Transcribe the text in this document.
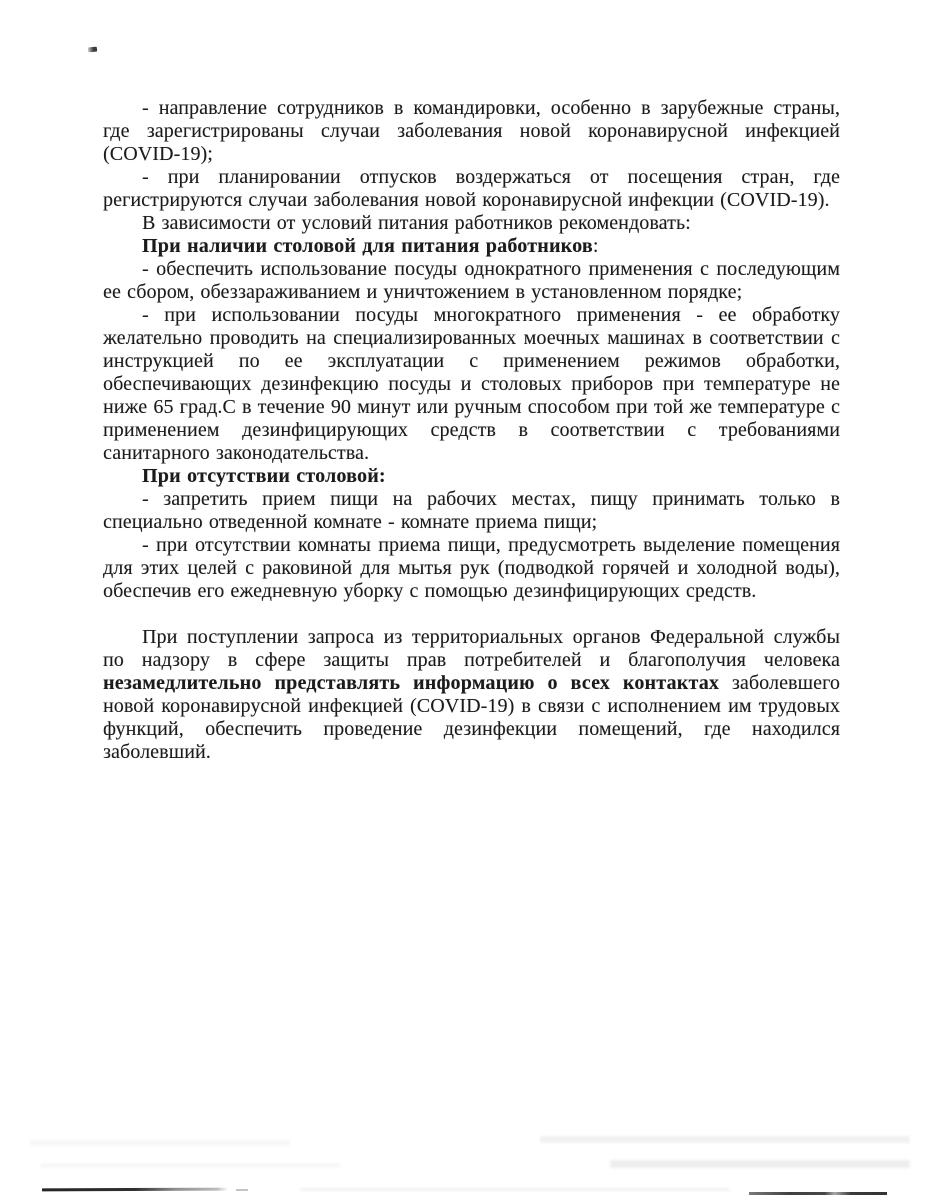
- направление сотрудников в командировки, особенно в зарубежные страны, где зарегистрированы случаи заболевания новой коронавирусной инфекцией (COVID-19);

- при планировании отпусков воздержаться от посещения стран, где регистрируются случаи заболевания новой коронавирусной инфекции (COVID-19).

В зависимости от условий питания работников рекомендовать:

При наличии столовой для питания работников:

- обеспечить использование посуды однократного применения с последующим ее сбором, обеззараживанием и уничтожением в установленном порядке;

- при использовании посуды многократного применения - ее обработку желательно проводить на специализированных моечных машинах в соответствии с инструкцией по ее эксплуатации с применением режимов обработки, обеспечивающих дезинфекцию посуды и столовых приборов при температуре не ниже 65 град.С в течение 90 минут или ручным способом при той же температуре с применением дезинфицирующих средств в соответствии с требованиями санитарного законодательства.

При отсутствии столовой:

- запретить прием пищи на рабочих местах, пищу принимать только в специально отведенной комнате - комнате приема пищи;

- при отсутствии комнаты приема пищи, предусмотреть выделение помещения для этих целей с раковиной для мытья рук (подводкой горячей и холодной воды), обеспечив его ежедневную уборку с помощью дезинфицирующих средств.

При поступлении запроса из территориальных органов Федеральной службы по надзору в сфере защиты прав потребителей и благополучия человека незамедлительно представлять информацию о всех контактах заболевшего новой коронавирусной инфекцией (COVID-19) в связи с исполнением им трудовых функций, обеспечить проведение дезинфекции помещений, где находился заболевший.
